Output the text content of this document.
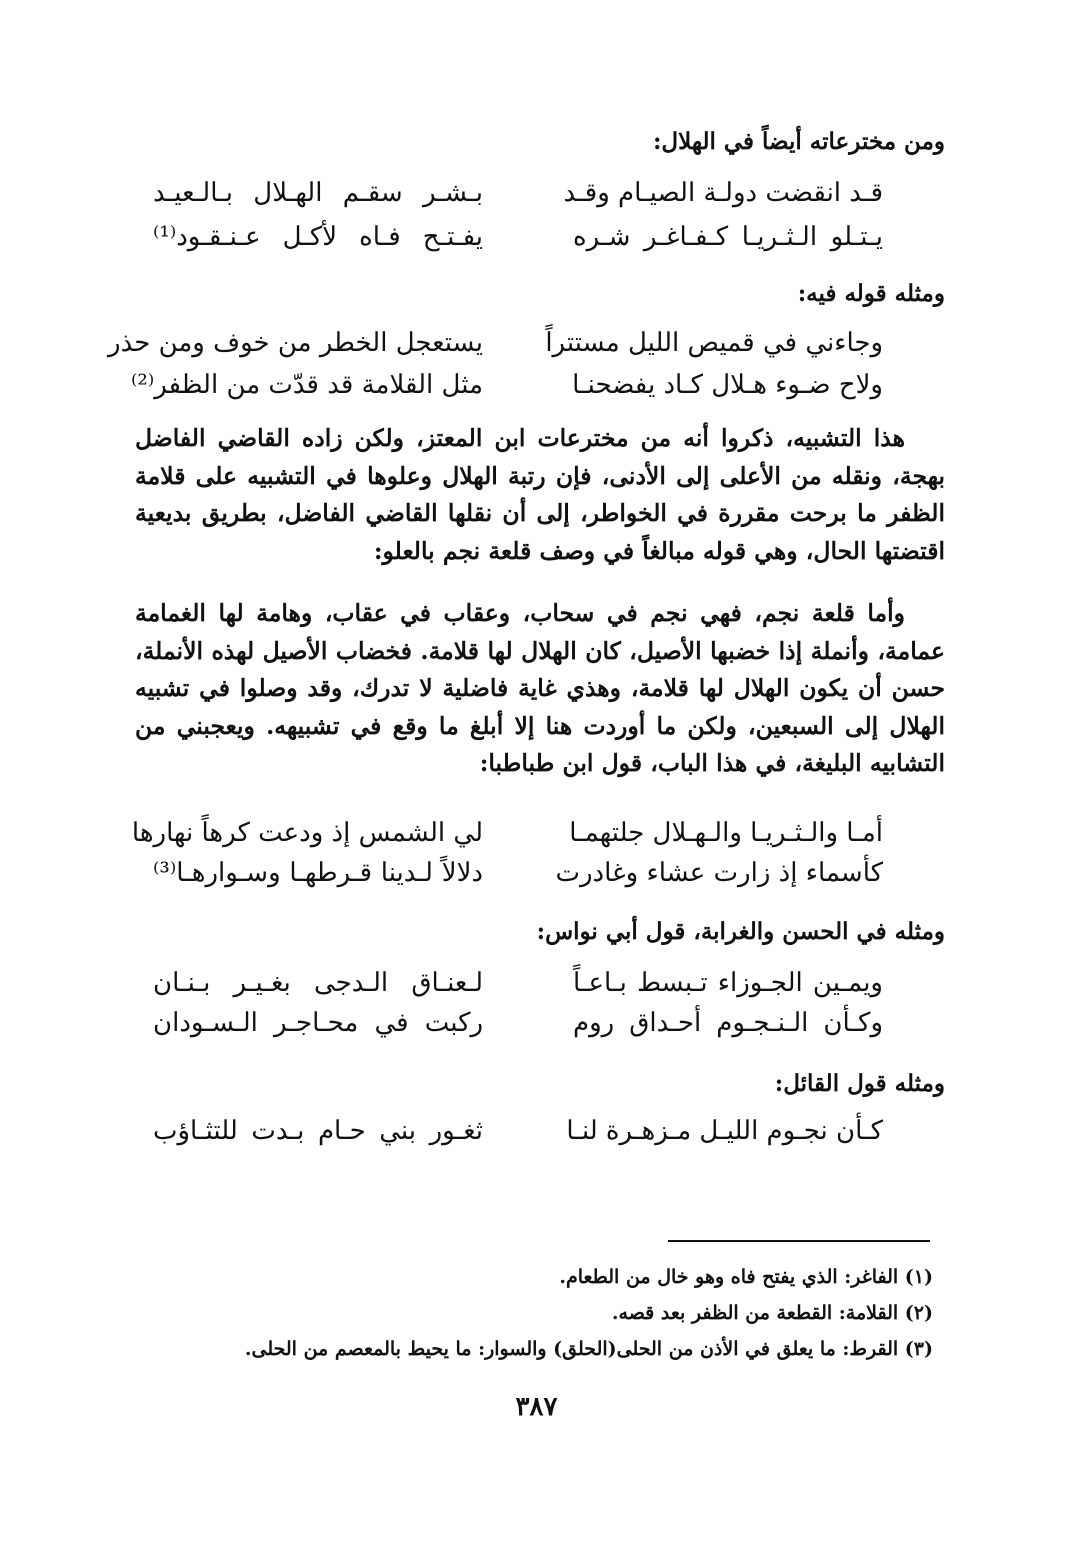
ومن مخترعاته أيضاً في الهلال:
قـد انقضت دولـة الصيـام وقـد
بـشـر سقـم الهـلال بـالـعيـد
يـتـلو الـثـريـا كـفـاغـر شـره
يفـتـح فـاه لأكـل عـنـقـود⁽¹⁾
ومثله قوله فيه:
وجاءني في قميص الليل مستتراً
يستعجل الخطر من خوف ومن حذر
ولاح ضـوء هـلال كـاد يفضحنـا
مثل القلامة قد قدّت من الظفر⁽²⁾

هذا التشبيه، ذكروا أنه من مخترعات ابن المعتز، ولكن زاده القاضي الفاضل بهجة، ونقله من الأعلى إلى الأدنى، فإن رتبة الهلال وعلوها في التشبيه على قلامة الظفر ما برحت مقررة في الخواطر، إلى أن نقلها القاضي الفاضل، بطريق بديعية اقتضتها الحال، وهي قوله مبالغاً في وصف قلعة نجم بالعلو:

وأما قلعة نجم، فهي نجم في سحاب، وعقاب في عقاب، وهامة لها الغمامة عمامة، وأنملة إذا خضبها الأصيل، كان الهلال لها قلامة. فخضاب الأصيل لهذه الأنملة، حسن أن يكون الهلال لها قلامة، وهذي غاية فاضلية لا تدرك، وقد وصلوا في تشبيه الهلال إلى السبعين، ولكن ما أوردت هنا إلا أبلغ ما وقع في تشبيهه. ويعجبني من التشابيه البليغة، في هذا الباب، قول ابن طباطبا:

أمـا والـثـريـا والـهـلال جلتهمـا
لي الشمس إذ ودعت كرهاً نهارها
كأسماء إذ زارت عشاء وغادرت
دلالاً لـدينا قـرطهـا وسـوارهـا⁽³⁾
ومثله في الحسن والغرابة، قول أبي نواس:
ويمـين الجـوزاء تـبسط بـاعـاً
لـعنـاق الـدجى بغـيـر بـنـان
وكـأن الـنـجـوم أحـداق روم
ركبت في محـاجـر الـسـودان
ومثله قول القائل:
كـأن نجـوم الليـل مـزهـرة لنـا
ثغـور بني حـام بـدت للتثـاؤب
(١) الفاغر: الذي يفتح فاه وهو خال من الطعام.
(٢) القلامة: القطعة من الظفر بعد قصه.
(٣) القرط: ما يعلق في الأذن من الحلى(الحلق) والسوار: ما يحيط بالمعصم من الحلى.
٣٨٧
